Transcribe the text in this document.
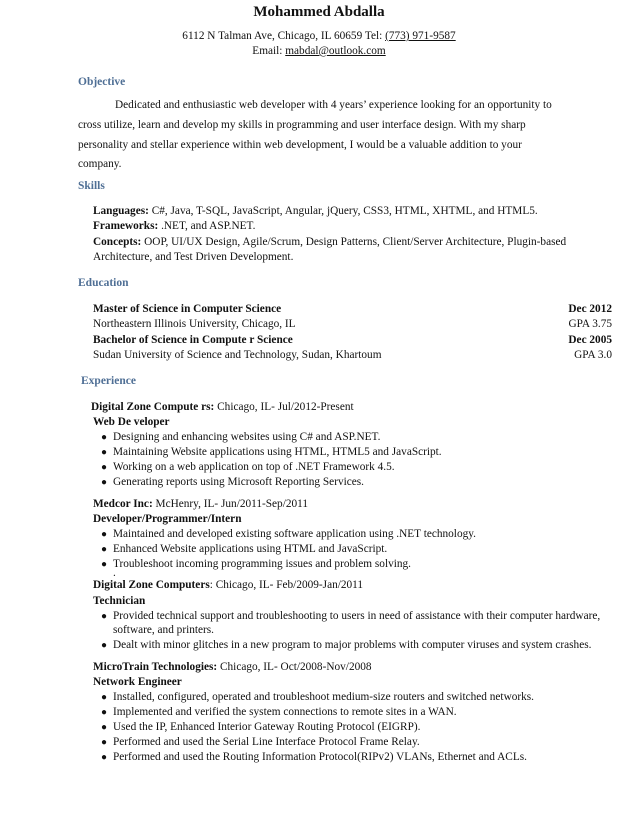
Mohammed Abdalla
6112 N Talman Ave, Chicago, IL 60659 Tel: (773) 971-9587
Email: mabdal@outlook.com
Objective
Dedicated and enthusiastic web developer with 4 years’ experience looking for an opportunity to
cross utilize, learn and develop my skills in programming and user interface design. With my sharp
personality and stellar experience within web development, I would be a valuable addition to your
company.
Skills
Languages: C#, Java, T-SQL, JavaScript, Angular, jQuery, CSS3, HTML, XHTML, and HTML5.
Frameworks: .NET, and ASP.NET.
Concepts: OOP, UI/UX Design, Agile/Scrum, Design Patterns, Client/Server Architecture, Plugin-based
Architecture, and Test Driven Development.
Education
Master of Science in Computer Science	Dec 2012
Northeastern Illinois University, Chicago, IL	GPA 3.75
Bachelor of Science in Compute r Science	Dec 2005
Sudan University of Science and Technology, Sudan, Khartoum	GPA 3.0
Experience
Digital Zone Compute rs: Chicago, IL- Jul/2012-Present
Web De veloper
● Designing and enhancing websites using C# and ASP.NET.
● Maintaining Website applications using HTML, HTML5 and JavaScript.
● Working on a web application on top of .NET Framework 4.5.
● Generating reports using Microsoft Reporting Services.
Medcor Inc: McHenry, IL- Jun/2011-Sep/2011
Developer/Programmer/Intern
● Maintained and developed existing software application using .NET technology.
● Enhanced Website applications using HTML and JavaScript.
● Troubleshoot incoming programming issues and problem solving.
.
Digital Zone Computers: Chicago, IL- Feb/2009-Jan/2011
Technician
● Provided technical support and troubleshooting to users in need of assistance with their computer hardware,
software, and printers.
● Dealt with minor glitches in a new program to major problems with computer viruses and system crashes.
MicroTrain Technologies: Chicago, IL- Oct/2008-Nov/2008
Network Engineer
● Installed, configured, operated and troubleshoot medium-size routers and switched networks.
● Implemented and verified the system connections to remote sites in a WAN.
● Used the IP, Enhanced Interior Gateway Routing Protocol (EIGRP).
● Performed and used the Serial Line Interface Protocol Frame Relay.
● Performed and used the Routing Information Protocol(RIPv2) VLANs, Ethernet and ACLs.
